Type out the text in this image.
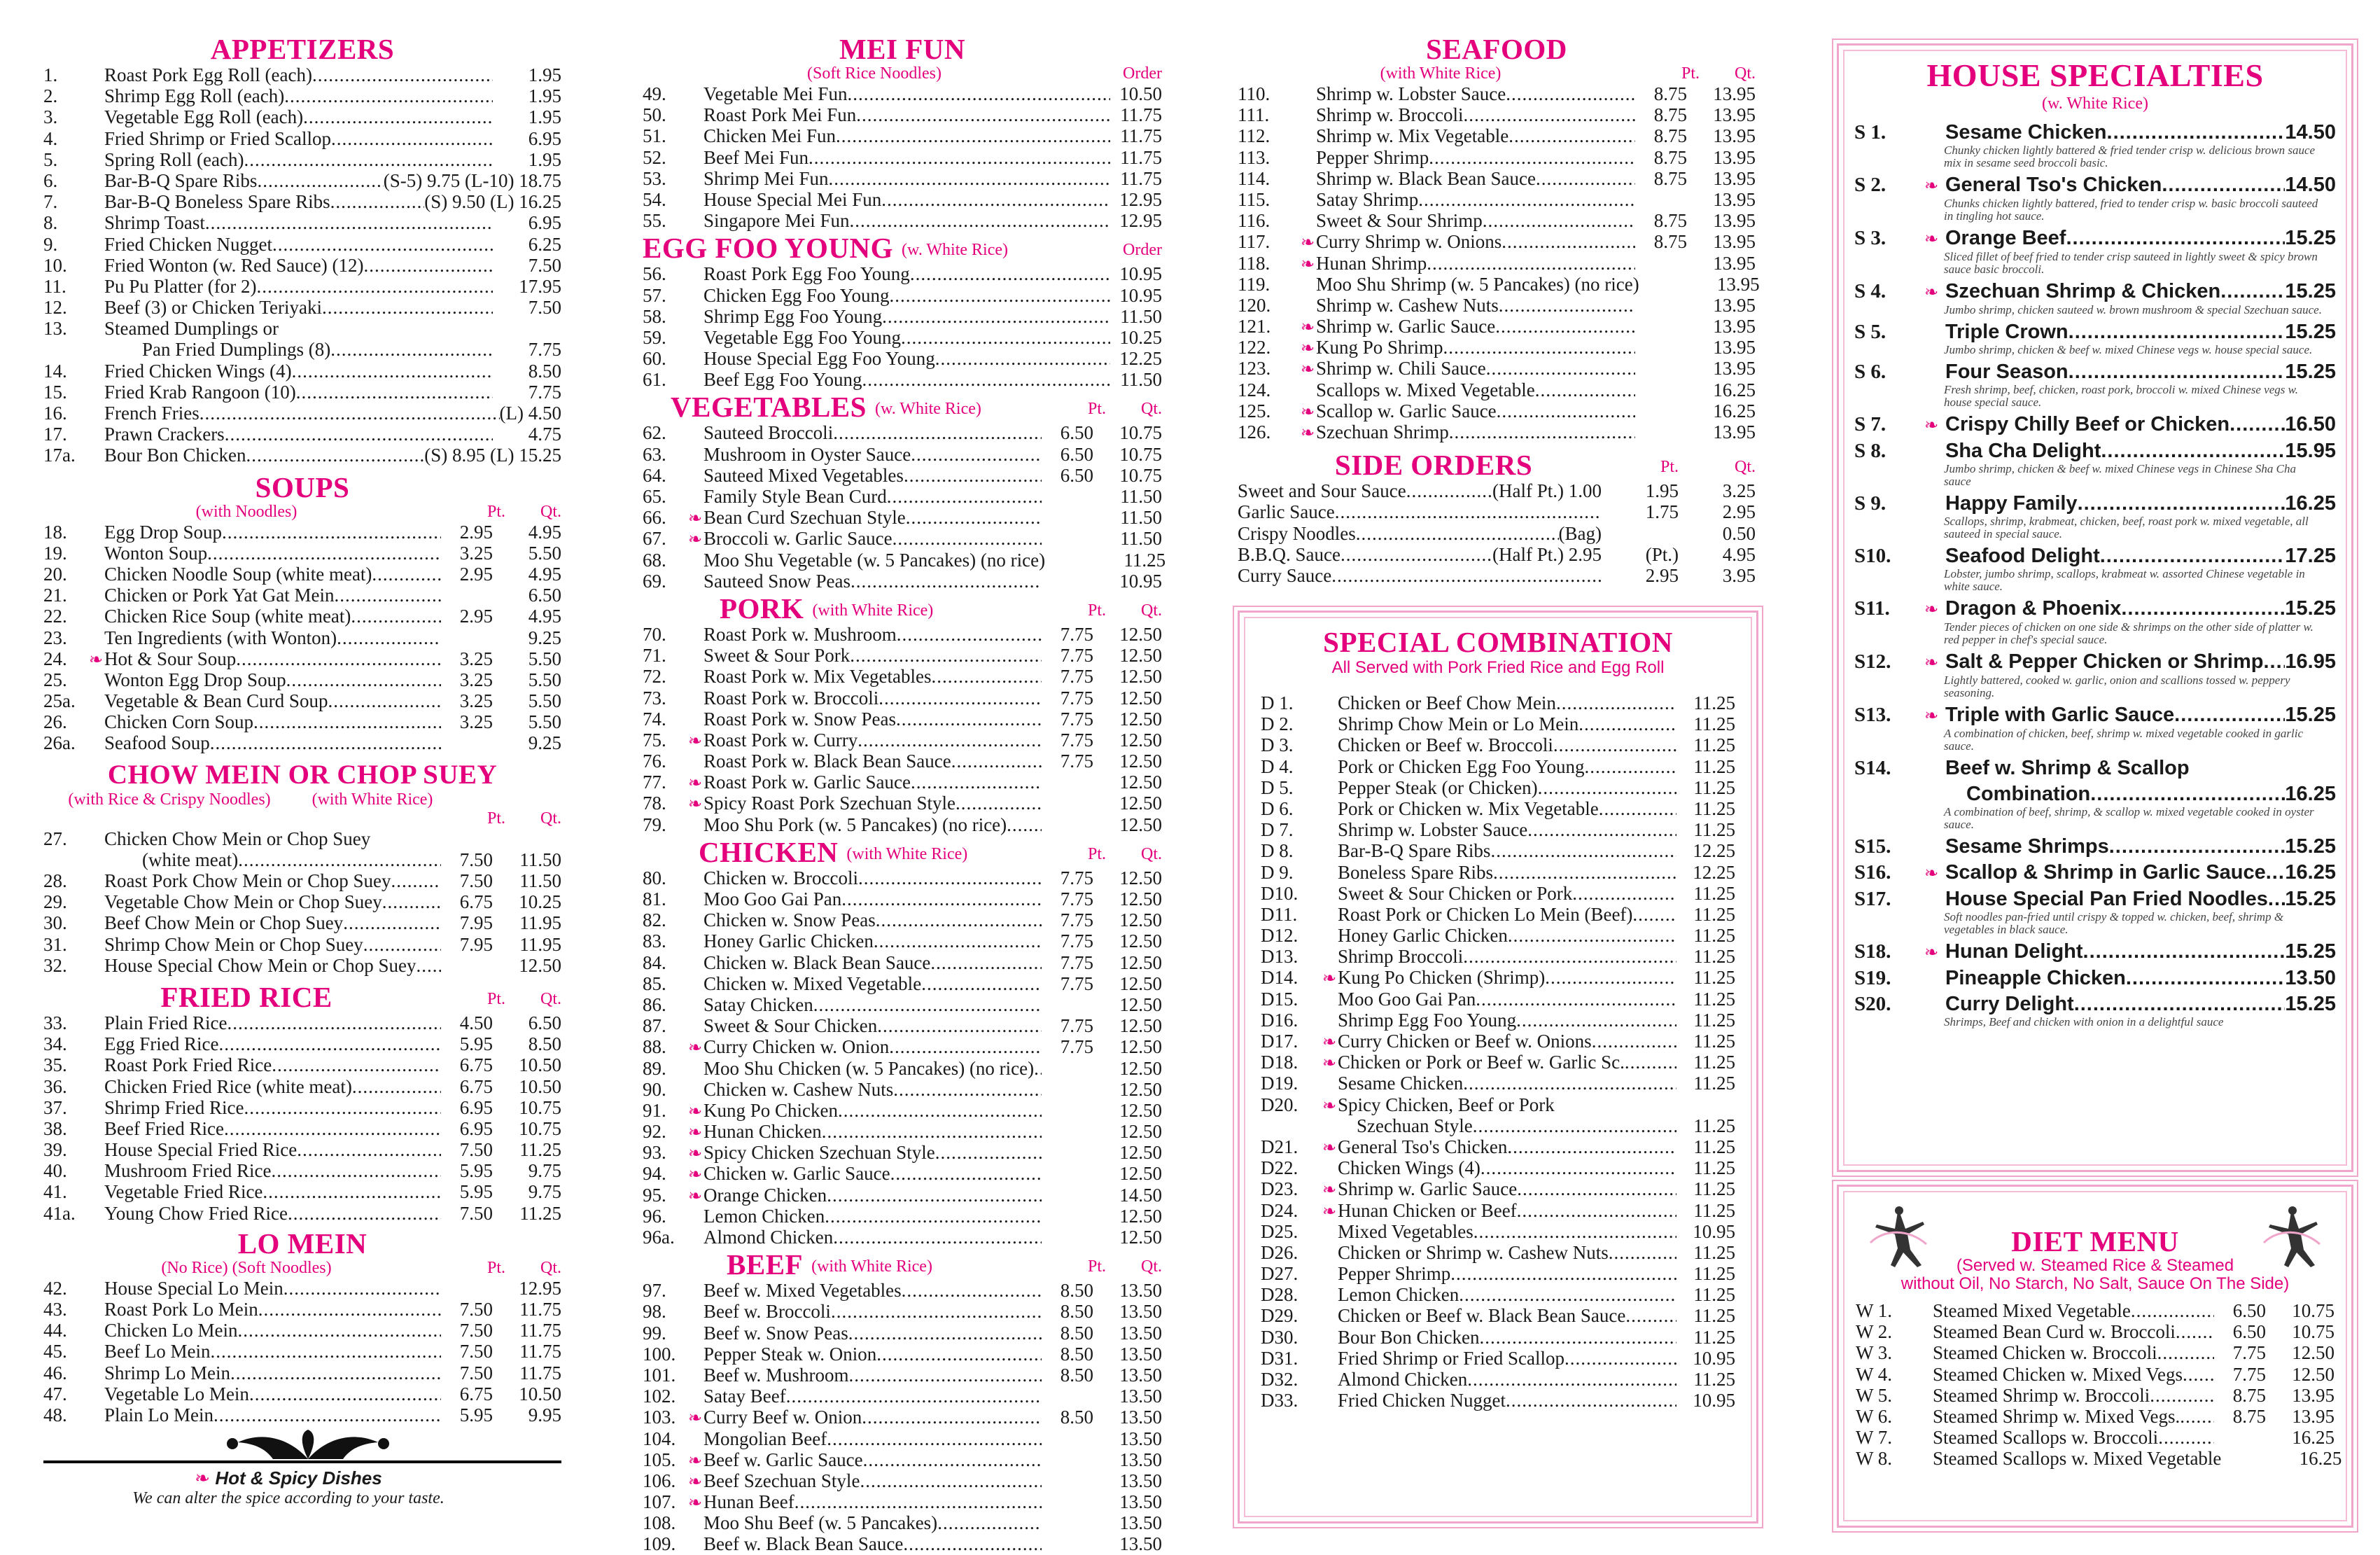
APPETIZERS
1.	Roast Pork Egg Roll (each) .....	1.95
2.	Shrimp Egg Roll (each) .....	1.95
3.	Vegetable Egg Roll (each) .....	1.95
4.	Fried Shrimp or Fried Scallop .....	6.95
5.	Spring Roll (each) .....	1.95
6.	Bar-B-Q Spare Ribs .....	(S-5) 9.75 (L-10) 18.75
7.	Bar-B-Q Boneless Spare Ribs .....	(S) 9.50 (L) 16.25
8.	Shrimp Toast .....	6.95
9.	Fried Chicken Nugget .....	6.25
10.	Fried Wonton (w. Red Sauce) (12) .....	7.50
11.	Pu Pu Platter (for 2) .....	17.95
12.	Beef (3) or Chicken Teriyaki .....	7.50
13.	Steamed Dumplings or
Pan Fried Dumplings (8) .....	7.75
14.	Fried Chicken Wings (4) .....	8.50
15.	Fried Krab Rangoon (10) .....	7.75
16.	French Fries .....	(L) 4.50
17.	Prawn Crackers .....	4.75
17a.	Bour Bon Chicken .....	(S) 8.95 (L) 15.25
SOUPS
(with Noodles)	Pt.	Qt.
18.	Egg Drop Soup .....	2.95	4.95
19.	Wonton Soup .....	3.25	5.50
20.	Chicken Noodle Soup (white meat) .....	2.95	4.95
21.	Chicken or Pork Yat Gat Mein .....	6.50
22.	Chicken Rice Soup (white meat) .....	2.95	4.95
23.	Ten Ingredients (with Wonton) .....	9.25
24.	❧ Hot & Sour Soup .....	3.25	5.50
25.	Wonton Egg Drop Soup .....	3.25	5.50
25a.	Vegetable & Bean Curd Soup .....	3.25	5.50
26.	Chicken Corn Soup .....	3.25	5.50
26a.	Seafood Soup .....	9.25
CHOW MEIN OR CHOP SUEY
(with Rice & Crispy Noodles)	(with White Rice)
Pt.	Qt.
27.	Chicken Chow Mein or Chop Suey
(white meat) .....	7.50	11.50
28.	Roast Pork Chow Mein or Chop Suey .....	7.50	11.50
29.	Vegetable Chow Mein or Chop Suey .....	6.75	10.25
30.	Beef Chow Mein or Chop Suey .....	7.95	11.95
31.	Shrimp Chow Mein or Chop Suey .....	7.95	11.95
32.	House Special Chow Mein or Chop Suey .....	12.50
FRIED RICE	Pt.	Qt.
33.	Plain Fried Rice .....	4.50	6.50
34.	Egg Fried Rice .....	5.95	8.50
35.	Roast Pork Fried Rice .....	6.75	10.50
36.	Chicken Fried Rice (white meat) .....	6.75	10.50
37.	Shrimp Fried Rice .....	6.95	10.75
38.	Beef Fried Rice .....	6.95	10.75
39.	House Special Fried Rice .....	7.50	11.25
40.	Mushroom Fried Rice .....	5.95	9.75
41.	Vegetable Fried Rice .....	5.95	9.75
41a.	Young Chow Fried Rice .....	7.50	11.25
LO MEIN
(No Rice) (Soft Noodles)	Pt.	Qt.
42.	House Special Lo Mein .....	12.95
43.	Roast Pork Lo Mein .....	7.50	11.75
44.	Chicken Lo Mein .....	7.50	11.75
45.	Beef Lo Mein .....	7.50	11.75
46.	Shrimp Lo Mein .....	7.50	11.75
47.	Vegetable Lo Mein .....	6.75	10.50
48.	Plain Lo Mein .....	5.95	9.95
❧ Hot & Spicy Dishes
We can alter the spice according to your taste.
MEI FUN
(Soft Rice Noodles)	Order
49.	Vegetable Mei Fun .....	10.50
50.	Roast Pork Mei Fun .....	11.75
51.	Chicken Mei Fun .....	11.75
52.	Beef Mei Fun .....	11.75
53.	Shrimp Mei Fun .....	11.75
54.	House Special Mei Fun .....	12.95
55.	Singapore Mei Fun .....	12.95
EGG FOO YOUNG (w. White Rice)	Order
56.	Roast Pork Egg Foo Young .....	10.95
57.	Chicken Egg Foo Young .....	10.95
58.	Shrimp Egg Foo Young .....	11.50
59.	Vegetable Egg Foo Young .....	10.25
60.	House Special Egg Foo Young .....	12.25
61.	Beef Egg Foo Young .....	11.50
VEGETABLES (w. White Rice)	Pt.	Qt.
62.	Sauteed Broccoli .....	6.50	10.75
63.	Mushroom in Oyster Sauce .....	6.50	10.75
64.	Sauteed Mixed Vegetables .....	6.50	10.75
65.	Family Style Bean Curd .....	11.50
66.	❧ Bean Curd Szechuan Style .....	11.50
67.	❧ Broccoli w. Garlic Sauce .....	11.50
68.	Moo Shu Vegetable (w. 5 Pancakes) (no rice)	11.25
69.	Sauteed Snow Peas .....	10.95
PORK (with White Rice)	Pt.	Qt.
70.	Roast Pork w. Mushroom .....	7.75	12.50
71.	Sweet & Sour Pork .....	7.75	12.50
72.	Roast Pork w. Mix Vegetables .....	7.75	12.50
73.	Roast Pork w. Broccoli .....	7.75	12.50
74.	Roast Pork w. Snow Peas .....	7.75	12.50
75.	❧ Roast Pork w. Curry .....	7.75	12.50
76.	Roast Pork w. Black Bean Sauce .....	7.75	12.50
77.	❧ Roast Pork w. Garlic Sauce .....	12.50
78.	❧ Spicy Roast Pork Szechuan Style .....	12.50
79.	Moo Shu Pork (w. 5 Pancakes) (no rice) .....	12.50
CHICKEN (with White Rice)	Pt.	Qt.
80.	Chicken w. Broccoli .....	7.75	12.50
81.	Moo Goo Gai Pan .....	7.75	12.50
82.	Chicken w. Snow Peas .....	7.75	12.50
83.	Honey Garlic Chicken .....	7.75	12.50
84.	Chicken w. Black Bean Sauce .....	7.75	12.50
85.	Chicken w. Mixed Vegetable .....	7.75	12.50
86.	Satay Chicken .....	12.50
87.	Sweet & Sour Chicken .....	7.75	12.50
88.	❧ Curry Chicken w. Onion .....	7.75	12.50
89.	Moo Shu Chicken (w. 5 Pancakes) (no rice) .....	12.50
90.	Chicken w. Cashew Nuts .....	12.50
91.	❧ Kung Po Chicken .....	12.50
92.	❧ Hunan Chicken .....	12.50
93.	❧ Spicy Chicken Szechuan Style .....	12.50
94.	❧ Chicken w. Garlic Sauce .....	12.50
95.	❧ Orange Chicken .....	14.50
96.	Lemon Chicken .....	12.50
96a.	Almond Chicken .....	12.50
BEEF (with White Rice)	Pt.	Qt.
97.	Beef w. Mixed Vegetables .....	8.50	13.50
98.	Beef w. Broccoli .....	8.50	13.50
99.	Beef w. Snow Peas .....	8.50	13.50
100.	Pepper Steak w. Onion .....	8.50	13.50
101.	Beef w. Mushroom .....	8.50	13.50
102.	Satay Beef .....	13.50
103. ❧ Curry Beef w. Onion .....	8.50	13.50
104.	Mongolian Beef .....	13.50
105. ❧ Beef w. Garlic Sauce .....	13.50
106. ❧ Beef Szechuan Style .....	13.50
107. ❧ Hunan Beef .....	13.50
108.	Moo Shu Beef (w. 5 Pancakes) .....	13.50
109.	Beef w. Black Bean Sauce .....	13.50
SEAFOOD
(with White Rice)	Pt.	Qt.
110.	Shrimp w. Lobster Sauce .....	8.75	13.95
111.	Shrimp w. Broccoli .....	8.75	13.95
112.	Shrimp w. Mix Vegetable .....	8.75	13.95
113.	Pepper Shrimp .....	8.75	13.95
114.	Shrimp w. Black Bean Sauce .....	8.75	13.95
115.	Satay Shrimp .....	13.95
116.	Sweet & Sour Shrimp .....	8.75	13.95
117.	❧ Curry Shrimp w. Onions .....	8.75	13.95
118.	❧ Hunan Shrimp .....	13.95
119.	Moo Shu Shrimp (w. 5 Pancakes) (no rice)	13.95
120.	Shrimp w. Cashew Nuts .....	13.95
121.	❧ Shrimp w. Garlic Sauce .....	13.95
122.	❧ Kung Po Shrimp .....	13.95
123.	❧ Shrimp w. Chili Sauce .....	13.95
124.	Scallops w. Mixed Vegetable .....	16.25
125.	❧ Scallop w. Garlic Sauce .....	16.25
126.	❧ Szechuan Shrimp .....	13.95
SIDE ORDERS	Pt.	Qt.
Sweet and Sour Sauce .....	(Half Pt.) 1.00	1.95	3.25
Garlic Sauce .....	1.75	2.95
Crispy Noodles .....	(Bag)	0.50
B.B.Q. Sauce .....	(Half Pt.) 2.95	(Pt.)	4.95
Curry Sauce .....	2.95	3.95
SPECIAL COMBINATION
All Served with Pork Fried Rice and Egg Roll
D 1.	Chicken or Beef Chow Mein .....	11.25
D 2.	Shrimp Chow Mein or Lo Mein .....	11.25
D 3.	Chicken or Beef w. Broccoli .....	11.25
D 4.	Pork or Chicken Egg Foo Young .....	11.25
D 5.	Pepper Steak (or Chicken) .....	11.25
D 6.	Pork or Chicken w. Mix Vegetable .....	11.25
D 7.	Shrimp w. Lobster Sauce .....	11.25
D 8.	Bar-B-Q Spare Ribs .....	12.25
D 9.	Boneless Spare Ribs .....	12.25
D10.	Sweet & Sour Chicken or Pork .....	11.25
D11.	Roast Pork or Chicken Lo Mein (Beef) .....	11.25
D12.	Honey Garlic Chicken .....	11.25
D13.	Shrimp Broccoli .....	11.25
D14.	❧ Kung Po Chicken (Shrimp) .....	11.25
D15.	Moo Goo Gai Pan .....	11.25
D16.	Shrimp Egg Foo Young .....	11.25
D17.	❧ Curry Chicken or Beef w. Onions .....	11.25
D18.	❧ Chicken or Pork or Beef w. Garlic Sc. .....	11.25
D19.	Sesame Chicken .....	11.25
D20.	❧ Spicy Chicken, Beef or Pork
Szechuan Style .....	11.25
D21.	❧ General Tso's Chicken .....	11.25
D22.	Chicken Wings (4) .....	11.25
D23.	❧ Shrimp w. Garlic Sauce .....	11.25
D24.	❧ Hunan Chicken or Beef .....	11.25
D25.	Mixed Vegetables .....	10.95
D26.	Chicken or Shrimp w. Cashew Nuts .....	11.25
D27.	Pepper Shrimp .....	11.25
D28.	Lemon Chicken .....	11.25
D29.	Chicken or Beef w. Black Bean Sauce .....	11.25
D30.	Bour Bon Chicken .....	11.25
D31.	Fried Shrimp or Fried Scallop .....	10.95
D32.	Almond Chicken .....	11.25
D33.	Fried Chicken Nugget .....	10.95
HOUSE SPECIALTIES
(w. White Rice)
S 1.	Sesame Chicken .....	14.50
Chunky chicken lightly battered & fried tender crisp w. delicious brown sauce mix in sesame seed broccoli basic.
S 2.	❧ General Tso's Chicken .....	14.50
Chunks chicken lightly battered, fried to tender crisp w. basic broccoli sauteed in tingling hot sauce.
S 3.	❧ Orange Beef .....	15.25
Sliced fillet of beef fried to tender crisp sauteed in lightly sweet & spicy brown sauce basic broccoli.
S 4.	❧ Szechuan Shrimp & Chicken .....	15.25
Jumbo shrimp, chicken sauteed w. brown mushroom & special Szechuan sauce.
S 5.	Triple Crown .....	15.25
Jumbo shrimp, chicken & beef w. mixed Chinese vegs w. house special sauce.
S 6.	Four Season .....	15.25
Fresh shrimp, beef, chicken, roast pork, broccoli w. mixed Chinese vegs w. house special sauce.
S 7.	❧ Crispy Chilly Beef or Chicken .....	16.50
S 8.	Sha Cha Delight .....	15.95
Jumbo shrimp, chicken & beef w. mixed Chinese vegs in Chinese Sha Cha sauce
S 9.	Happy Family .....	16.25
Scallops, shrimp, krabmeat, chicken, beef, roast pork w. mixed vegetable, all sauteed in special sauce.
S10.	Seafood Delight .....	17.25
Lobster, jumbo shrimp, scallops, krabmeat w. assorted Chinese vegetable in white sauce.
S11.	❧ Dragon & Phoenix .....	15.25
Tender pieces of chicken on one side & shrimps on the other side of platter w. red pepper in chef's special sauce.
S12.	❧ Salt & Pepper Chicken or Shrimp ..... 16.95
Lightly battered, cooked w. garlic, onion and scallions tossed w. peppery seasoning.
S13.	❧ Triple with Garlic Sauce .....	15.25
A combination of chicken, beef, shrimp w. mixed vegetable cooked in garlic sauce.
S14.	Beef w. Shrimp & Scallop
Combination .....	16.25
A combination of beef, shrimp, & scallop w. mixed vegetable cooked in oyster sauce.
S15.	Sesame Shrimps .....	15.25
S16.	❧ Scallop & Shrimp in Garlic Sauce ..... 16.25
S17.	House Special Pan Fried Noodles ..... 15.25
Soft noodles pan-fried until crispy & topped w. chicken, beef, shrimp & vegetables in black sauce.
S18.	❧ Hunan Delight .....	15.25
S19.	Pineapple Chicken .....	13.50
S20.	Curry Delight .....	15.25
Shrimps, Beef and chicken with onion in a delightful sauce
DIET MENU
(Served w. Steamed Rice & Steamed
without Oil, No Starch, No Salt, Sauce On The Side)
W 1.	Steamed Mixed Vegetable .....	6.50	10.75
W 2.	Steamed Bean Curd w. Broccoli .....	6.50	10.75
W 3.	Steamed Chicken w. Broccoli .....	7.75	12.50
W 4.	Steamed Chicken w. Mixed Vegs .....	7.75	12.50
W 5.	Steamed Shrimp w. Broccoli .....	8.75	13.95
W 6.	Steamed Shrimp w. Mixed Vegs. .....	8.75	13.95
W 7.	Steamed Scallops w. Broccoli .....	16.25
W 8.	Steamed Scallops w. Mixed Vegetable	16.25
